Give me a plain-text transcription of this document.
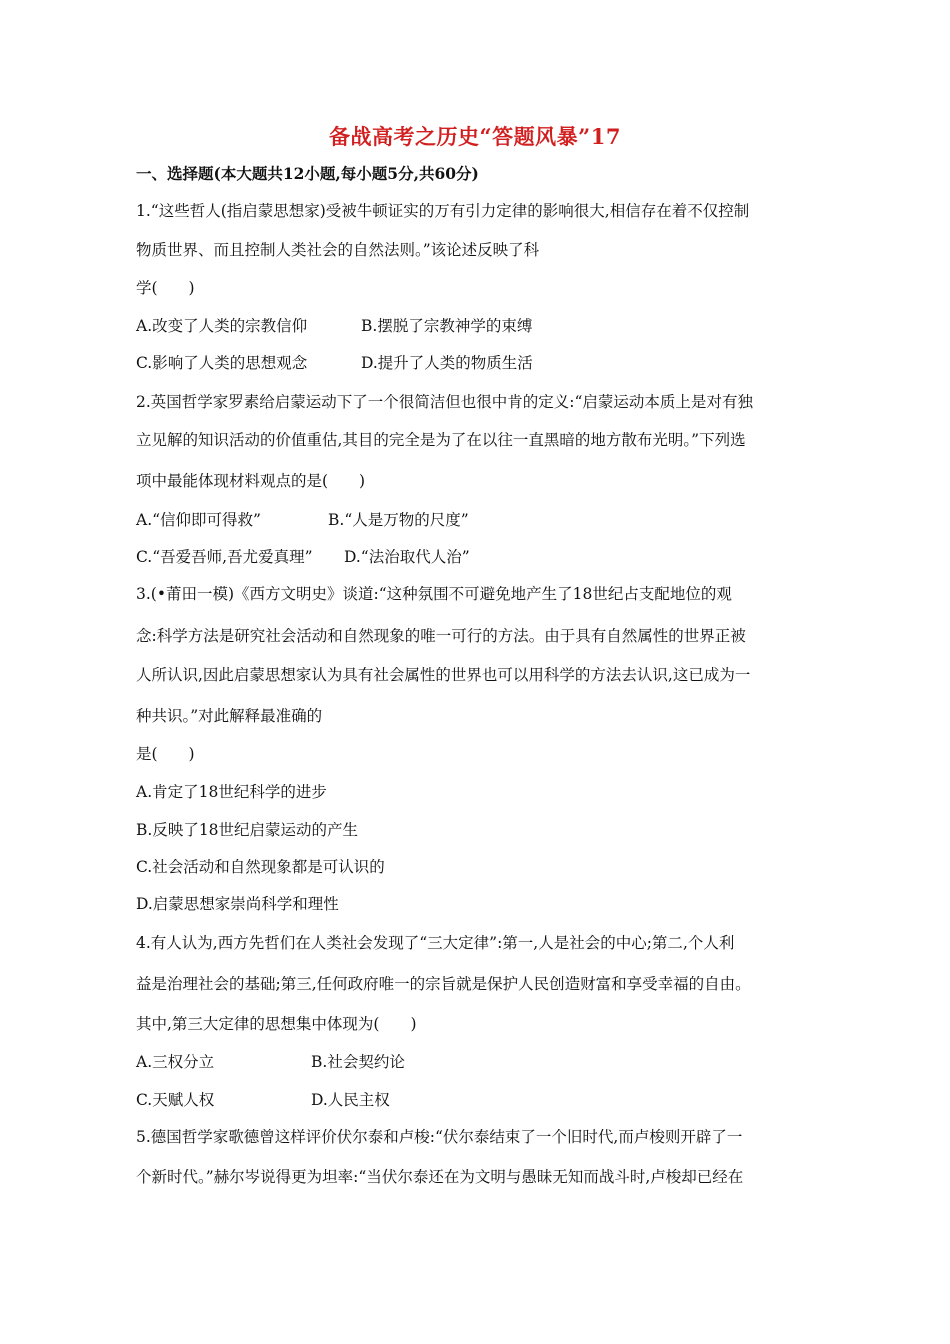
备战高考之历史“答题风暴”17
一、选择题(本大题共12小题,每小题5分,共60分)
1.“这些哲人(指启蒙思想家)受被牛顿证实的万有引力定律的影响很大,相信存在着不仅控制
物质世界、而且控制人类社会的自然法则。”该论述反映了科
学(　　)
A.改变了人类的宗教信仰	B.摆脱了宗教神学的束缚
C.影响了人类的思想观念	D.提升了人类的物质生活
2.英国哲学家罗素给启蒙运动下了一个很简洁但也很中肯的定义:“启蒙运动本质上是对有独
立见解的知识活动的价值重估,其目的完全是为了在以往一直黑暗的地方散布光明。”下列选
项中最能体现材料观点的是(　　)
A.“信仰即可得救”	B.“人是万物的尺度”
C.“吾爱吾师,吾尤爱真理” D.“法治取代人治”
3.(•莆田一模)《西方文明史》谈道:“这种氛围不可避免地产生了18世纪占支配地位的观
念:科学方法是研究社会活动和自然现象的唯一可行的方法。由于具有自然属性的世界正被
人所认识,因此启蒙思想家认为具有社会属性的世界也可以用科学的方法去认识,这已成为一
种共识。”对此解释最准确的
是(　　)
A.肯定了18世纪科学的进步
B.反映了18世纪启蒙运动的产生
C.社会活动和自然现象都是可认识的
D.启蒙思想家崇尚科学和理性
4.有人认为,西方先哲们在人类社会发现了“三大定律”:第一,人是社会的中心;第二,个人利
益是治理社会的基础;第三,任何政府唯一的宗旨就是保护人民创造财富和享受幸福的自由。
其中,第三大定律的思想集中体现为(　　)
A.三权分立	B.社会契约论
C.天赋人权	D.人民主权
5.德国哲学家歌德曾这样评价伏尔泰和卢梭:“伏尔泰结束了一个旧时代,而卢梭则开辟了一
个新时代。”赫尔岑说得更为坦率:“当伏尔泰还在为文明与愚昧无知而战斗时,卢梭却已经在
